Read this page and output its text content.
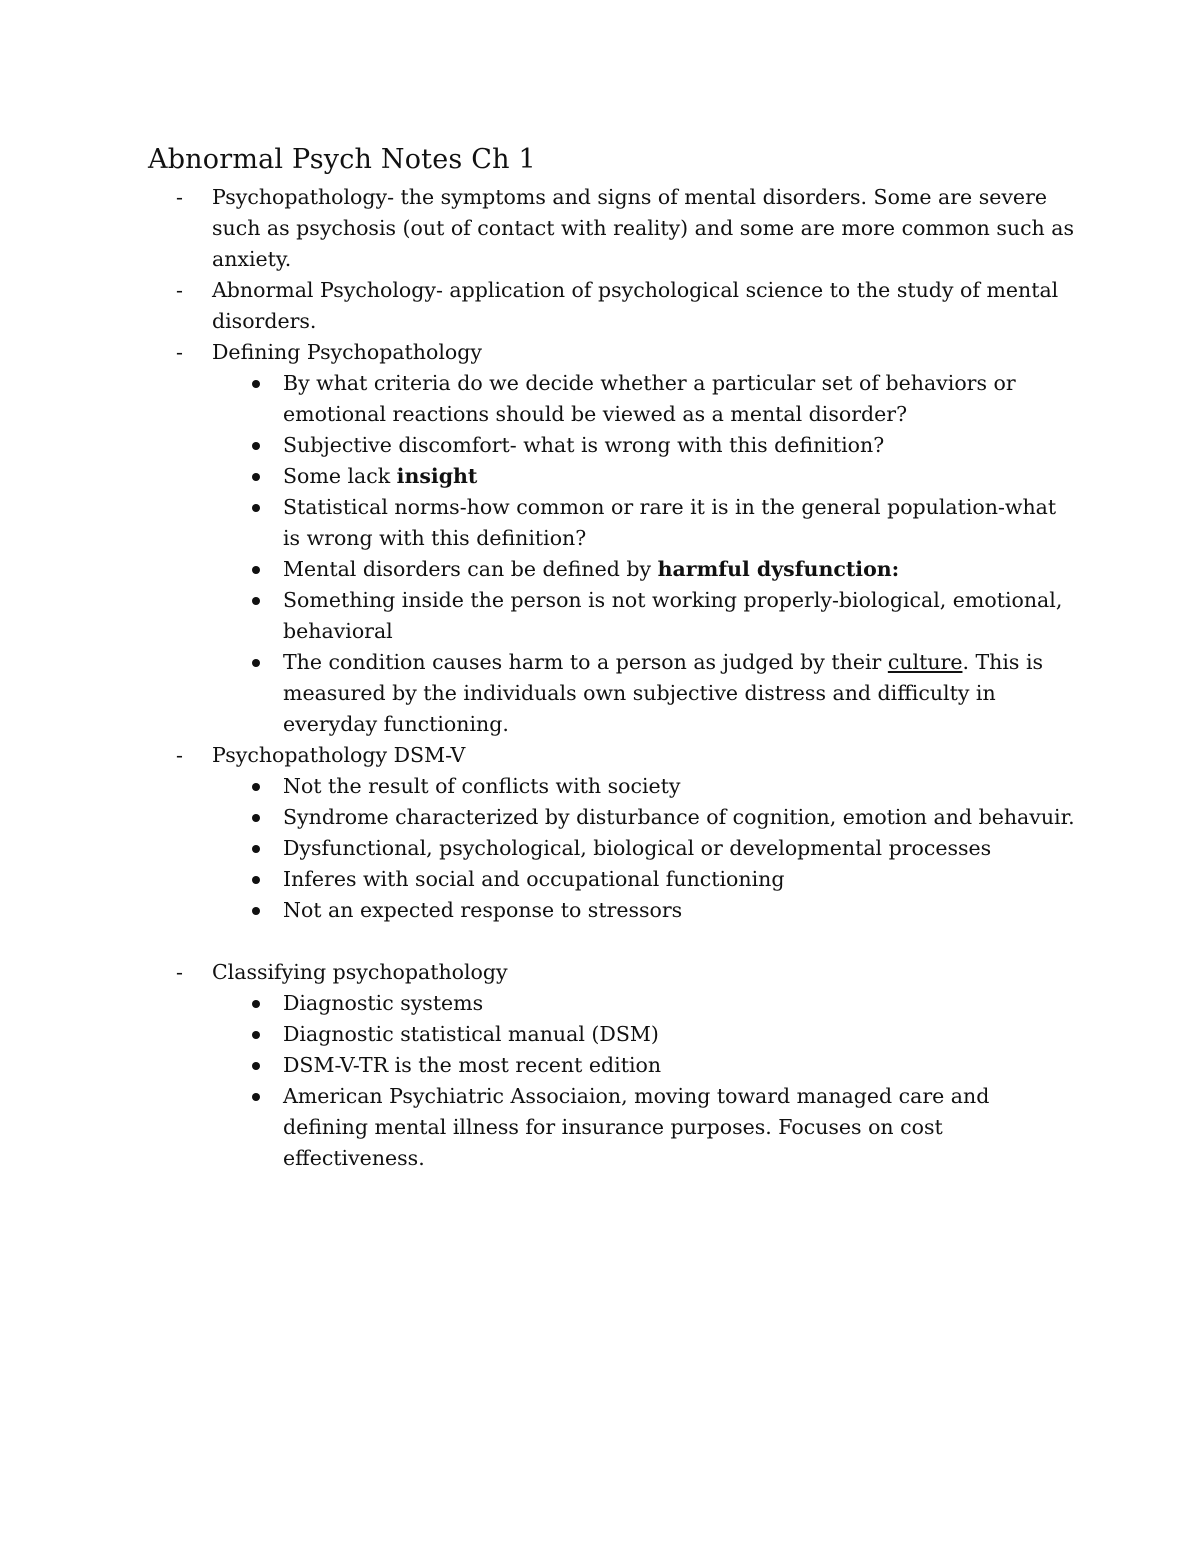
Abnormal Psych Notes Ch 1
-	Psychopathology- the symptoms and signs of mental disorders. Some are severe such as psychosis (out of contact with reality) and some are more common such as anxiety.
-	Abnormal Psychology- application of psychological science to the study of mental disorders.
-	Defining Psychopathology
By what criteria do we decide whether a particular set of behaviors or emotional reactions should be viewed as a mental disorder?
Subjective discomfort- what is wrong with this definition?
Some lack insight
Statistical norms-how common or rare it is in the general population-what is wrong with this definition?
Mental disorders can be defined by harmful dysfunction:
Something inside the person is not working properly-biological, emotional, behavioral
The condition causes harm to a person as judged by their culture. This is measured by the individuals own subjective distress and difficulty in everyday functioning.
-	Psychopathology DSM-V
Not the result of conflicts with society
Syndrome characterized by disturbance of cognition, emotion and behavuir.
Dysfunctional, psychological, biological or developmental processes
Inferes with social and occupational functioning
Not an expected response to stressors
-	Classifying psychopathology
Diagnostic systems
Diagnostic statistical manual (DSM)
DSM-V-TR is the most recent edition
American Psychiatric Associaion, moving toward managed care and defining mental illness for insurance purposes. Focuses on cost effectiveness.
